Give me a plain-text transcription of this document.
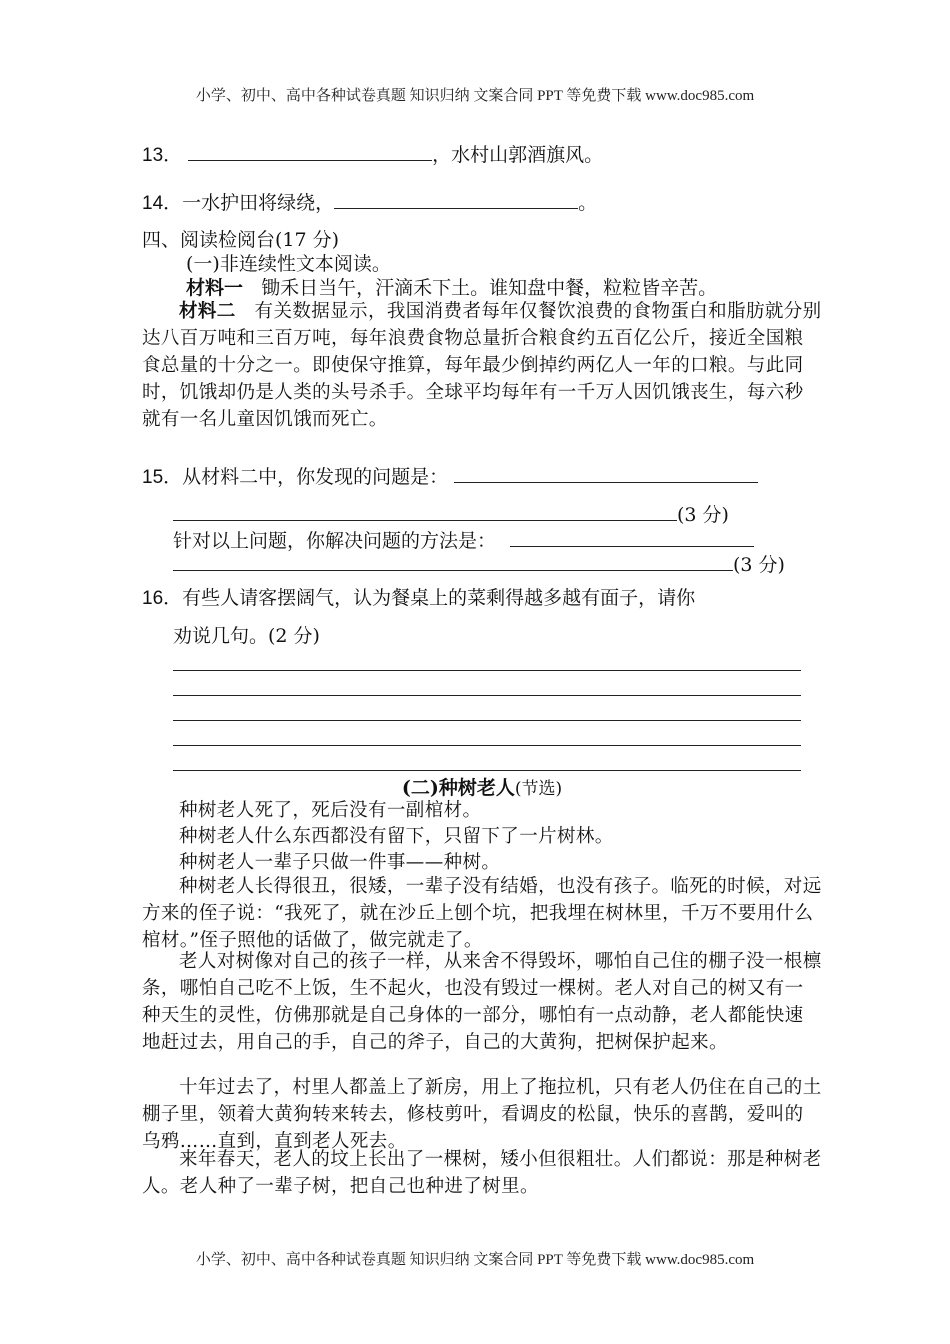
小学、初中、高中各种试卷真题 知识归纳 文案合同 PPT 等免费下载 www.doc985.com
13．	，水村山郭酒旗风。
14．一水护田将绿绕，	。
四、阅读检阅台(17 分)
(一)非连续性文本阅读。
材料一 锄禾日当午，汗滴禾下土。谁知盘中餐，粒粒皆辛苦。
材料二 有关数据显示，我国消费者每年仅餐饮浪费的食物蛋白和脂肪就分别达八百万吨和三百万吨，每年浪费食物总量折合粮食约五百亿公斤，接近全国粮食总量的十分之一。即使保守推算，每年最少倒掉约两亿人一年的口粮。与此同时，饥饿却仍是人类的头号杀手。全球平均每年有一千万人因饥饿丧生，每六秒就有一名儿童因饥饿而死亡。
15．从材料二中，你发现的问题是：
(3 分)
针对以上问题，你解决问题的方法是：
(3 分)
16．有些人请客摆阔气，认为餐桌上的菜剩得越多越有面子，请你
劝说几句。(2 分)
(二)种树老人(节选)
种树老人死了，死后没有一副棺材。
种树老人什么东西都没有留下，只留下了一片树林。
种树老人一辈子只做一件事——种树。
种树老人长得很丑，很矮，一辈子没有结婚，也没有孩子。临死的时候，对远方来的侄子说：“我死了，就在沙丘上刨个坑，把我埋在树林里，千万不要用什么棺材。”侄子照他的话做了，做完就走了。
老人对树像对自己的孩子一样，从来舍不得毁坏，哪怕自己住的棚子没一根檩条，哪怕自己吃不上饭，生不起火，也没有毁过一棵树。老人对自己的树又有一种天生的灵性，仿佛那就是自己身体的一部分，哪怕有一点动静，老人都能快速地赶过去，用自己的手，自己的斧子，自己的大黄狗，把树保护起来。
十年过去了，村里人都盖上了新房，用上了拖拉机，只有老人仍住在自己的土棚子里，领着大黄狗转来转去，修枝剪叶，看调皮的松鼠，快乐的喜鹊，爱叫的乌鸦……直到，直到老人死去。
来年春天，老人的坟上长出了一棵树，矮小但很粗壮。人们都说：那是种树老人。老人种了一辈子树，把自己也种进了树里。
小学、初中、高中各种试卷真题 知识归纳 文案合同 PPT 等免费下载 www.doc985.com
